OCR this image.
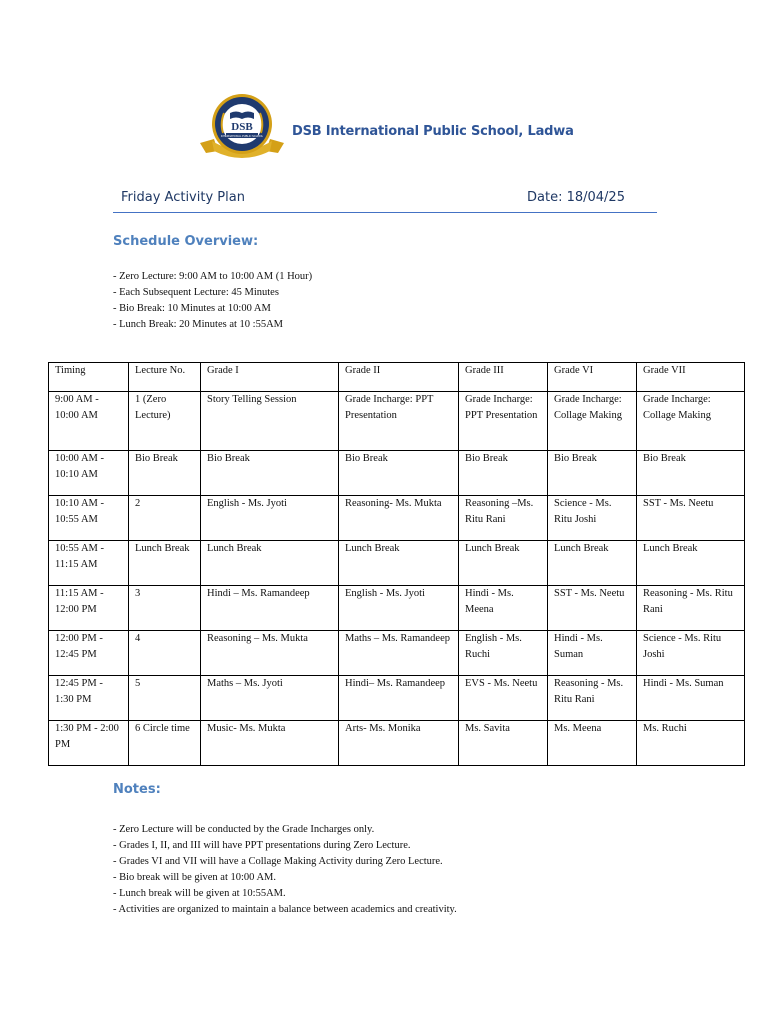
DSB
INTERNATIONAL PUBLIC SCHOOL DSB International Public School, Ladwa
Friday Activity Plan	Date: 18/04/25
Schedule Overview:
- Zero Lecture: 9:00 AM to 10:00 AM (1 Hour)
- Each Subsequent Lecture: 45 Minutes
- Bio Break: 10 Minutes at 10:00 AM
- Lunch Break: 20 Minutes at 10 :55AM
Timing	Lecture No.	Grade I	Grade II	Grade III	Grade VI	Grade VII
9:00 AM - 10:00 AM	1 (Zero Lecture)	Story Telling Session	Grade Incharge: PPT Presentation	Grade Incharge: PPT Presentation	Grade Incharge: Collage Making	Grade Incharge: Collage Making
10:00 AM - 10:10 AM	Bio Break	Bio Break	Bio Break	Bio Break	Bio Break	Bio Break
10:10 AM - 10:55 AM	2	English - Ms. Jyoti	Reasoning- Ms. Mukta	Reasoning –Ms. Ritu Rani	Science - Ms. Ritu Joshi	SST - Ms. Neetu
10:55 AM - 11:15 AM	Lunch Break	Lunch Break	Lunch Break	Lunch Break	Lunch Break	Lunch Break
11:15 AM - 12:00 PM	3	Hindi – Ms. Ramandeep	English - Ms. Jyoti	Hindi - Ms. Meena	SST - Ms. Neetu	Reasoning - Ms. Ritu Rani
12:00 PM - 12:45 PM	4	Reasoning – Ms. Mukta	Maths – Ms. Ramandeep	English - Ms. Ruchi	Hindi - Ms. Suman	Science - Ms. Ritu Joshi
12:45 PM - 1:30 PM	5	Maths – Ms. Jyoti	Hindi– Ms. Ramandeep	EVS - Ms. Neetu	Reasoning - Ms. Ritu Rani	Hindi - Ms. Suman
1:30 PM - 2:00 PM	6 Circle time	Music- Ms. Mukta	Arts- Ms. Monika	Ms. Savita	Ms. Meena	Ms. Ruchi
Notes:
- Zero Lecture will be conducted by the Grade Incharges only.
- Grades I, II, and III will have PPT presentations during Zero Lecture.
- Grades VI and VII will have a Collage Making Activity during Zero Lecture.
- Bio break will be given at 10:00 AM.
- Lunch break will be given at 10:55AM.
- Activities are organized to maintain a balance between academics and creativity.
